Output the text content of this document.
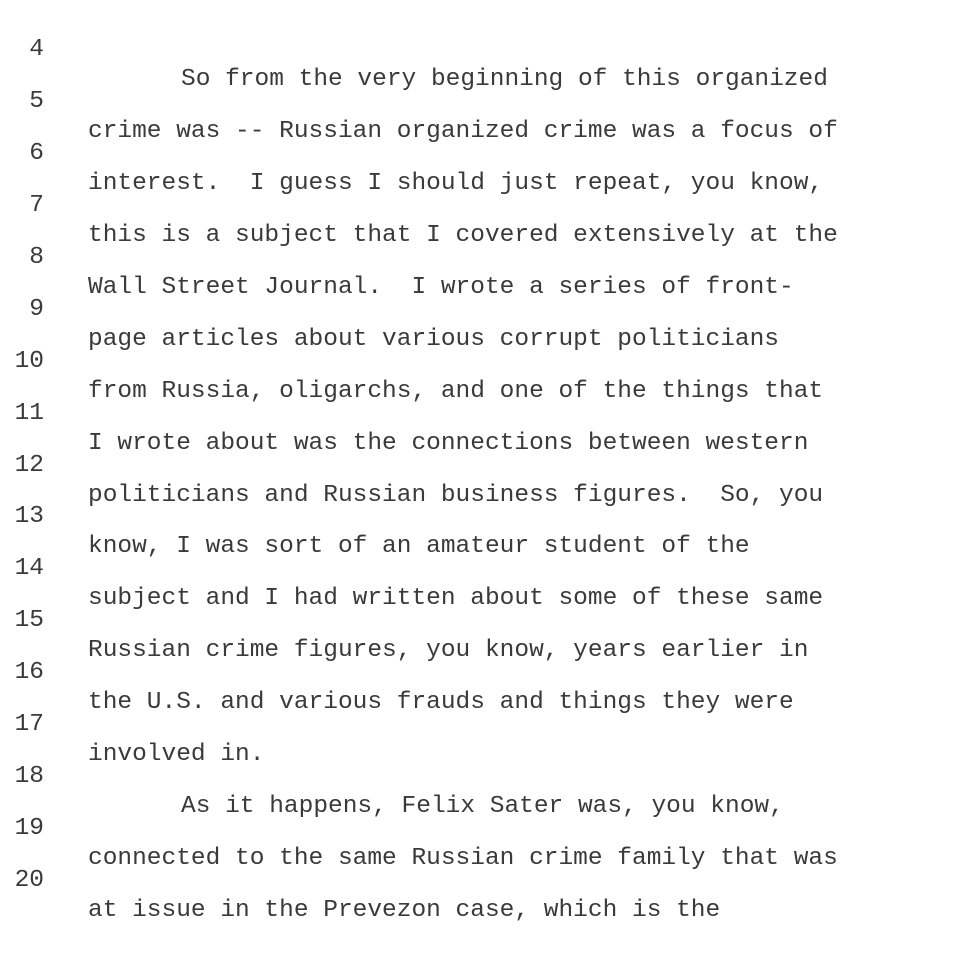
4

So from the very beginning of this organized

5

crime was -- Russian organized crime was a focus of

6

interest.  I guess I should just repeat, you know,

7

this is a subject that I covered extensively at the

8

Wall Street Journal.  I wrote a series of front-

9

page articles about various corrupt politicians

10

from Russia, oligarchs, and one of the things that

11

I wrote about was the connections between western

12

politicians and Russian business figures.  So, you

13

know, I was sort of an amateur student of the

14

subject and I had written about some of these same

15

Russian crime figures, you know, years earlier in

16

the U.S. and various frauds and things they were

17

involved in.

18

As it happens, Felix Sater was, you know,

19

connected to the same Russian crime family that was

20

at issue in the Prevezon case, which is the
